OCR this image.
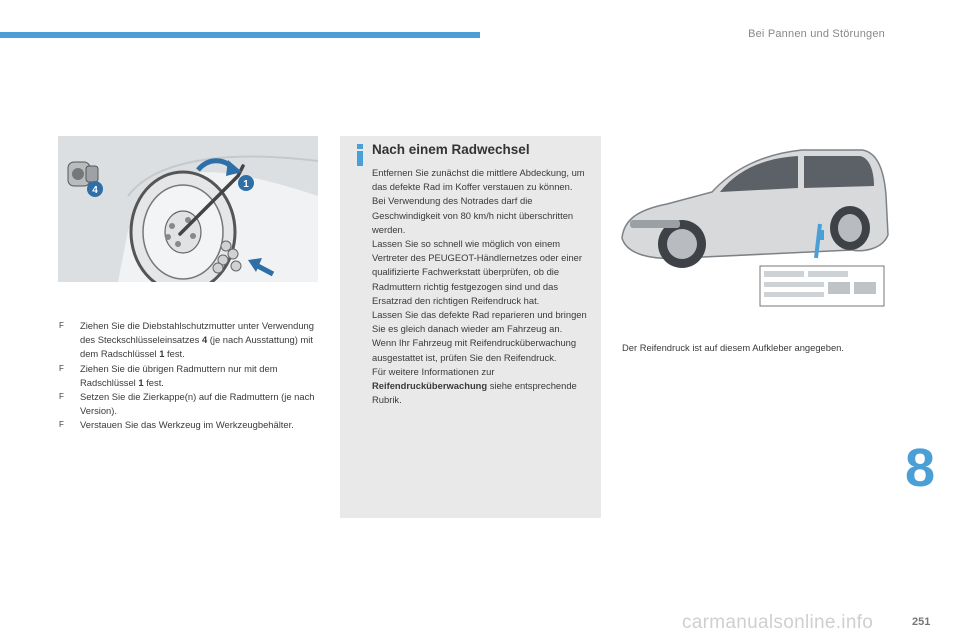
Bei Pannen und Störungen
4
1
F Ziehen Sie die Diebstahlschutzmutter unter Verwendung des Steckschlüsseleinsatzes 4 (je nach Ausstattung) mit dem Radschlüssel 1 fest.
F Ziehen Sie die übrigen Radmuttern nur mit dem Radschlüssel 1 fest.
F Setzen Sie die Zierkappe(n) auf die Radmuttern (je nach Version).
F Verstauen Sie das Werkzeug im Werkzeugbehälter.
Nach einem Radwechsel

Entfernen Sie zunächst die mittlere Abdeckung, um das defekte Rad im Koffer verstauen zu können.

Bei Verwendung des Notrades darf die Geschwindigkeit von 80 km/h nicht überschritten werden.

Lassen Sie so schnell wie möglich von einem Vertreter des PEUGEOT-Händlernetzes oder einer qualifizierte Fachwerkstatt überprüfen, ob die Radmuttern richtig festgezogen sind und das Ersatzrad den richtigen Reifendruck hat.

Lassen Sie das defekte Rad reparieren und bringen Sie es gleich danach wieder am Fahrzeug an.

Wenn Ihr Fahrzeug mit Reifendrucküberwachung ausgestattet ist, prüfen Sie den Reifendruck.

Für weitere Informationen zur Reifendrucküberwachung siehe entsprechende Rubrik.

Der Reifendruck ist auf diesem Aufkleber angegeben.
8
carmanualsonline.info	251
